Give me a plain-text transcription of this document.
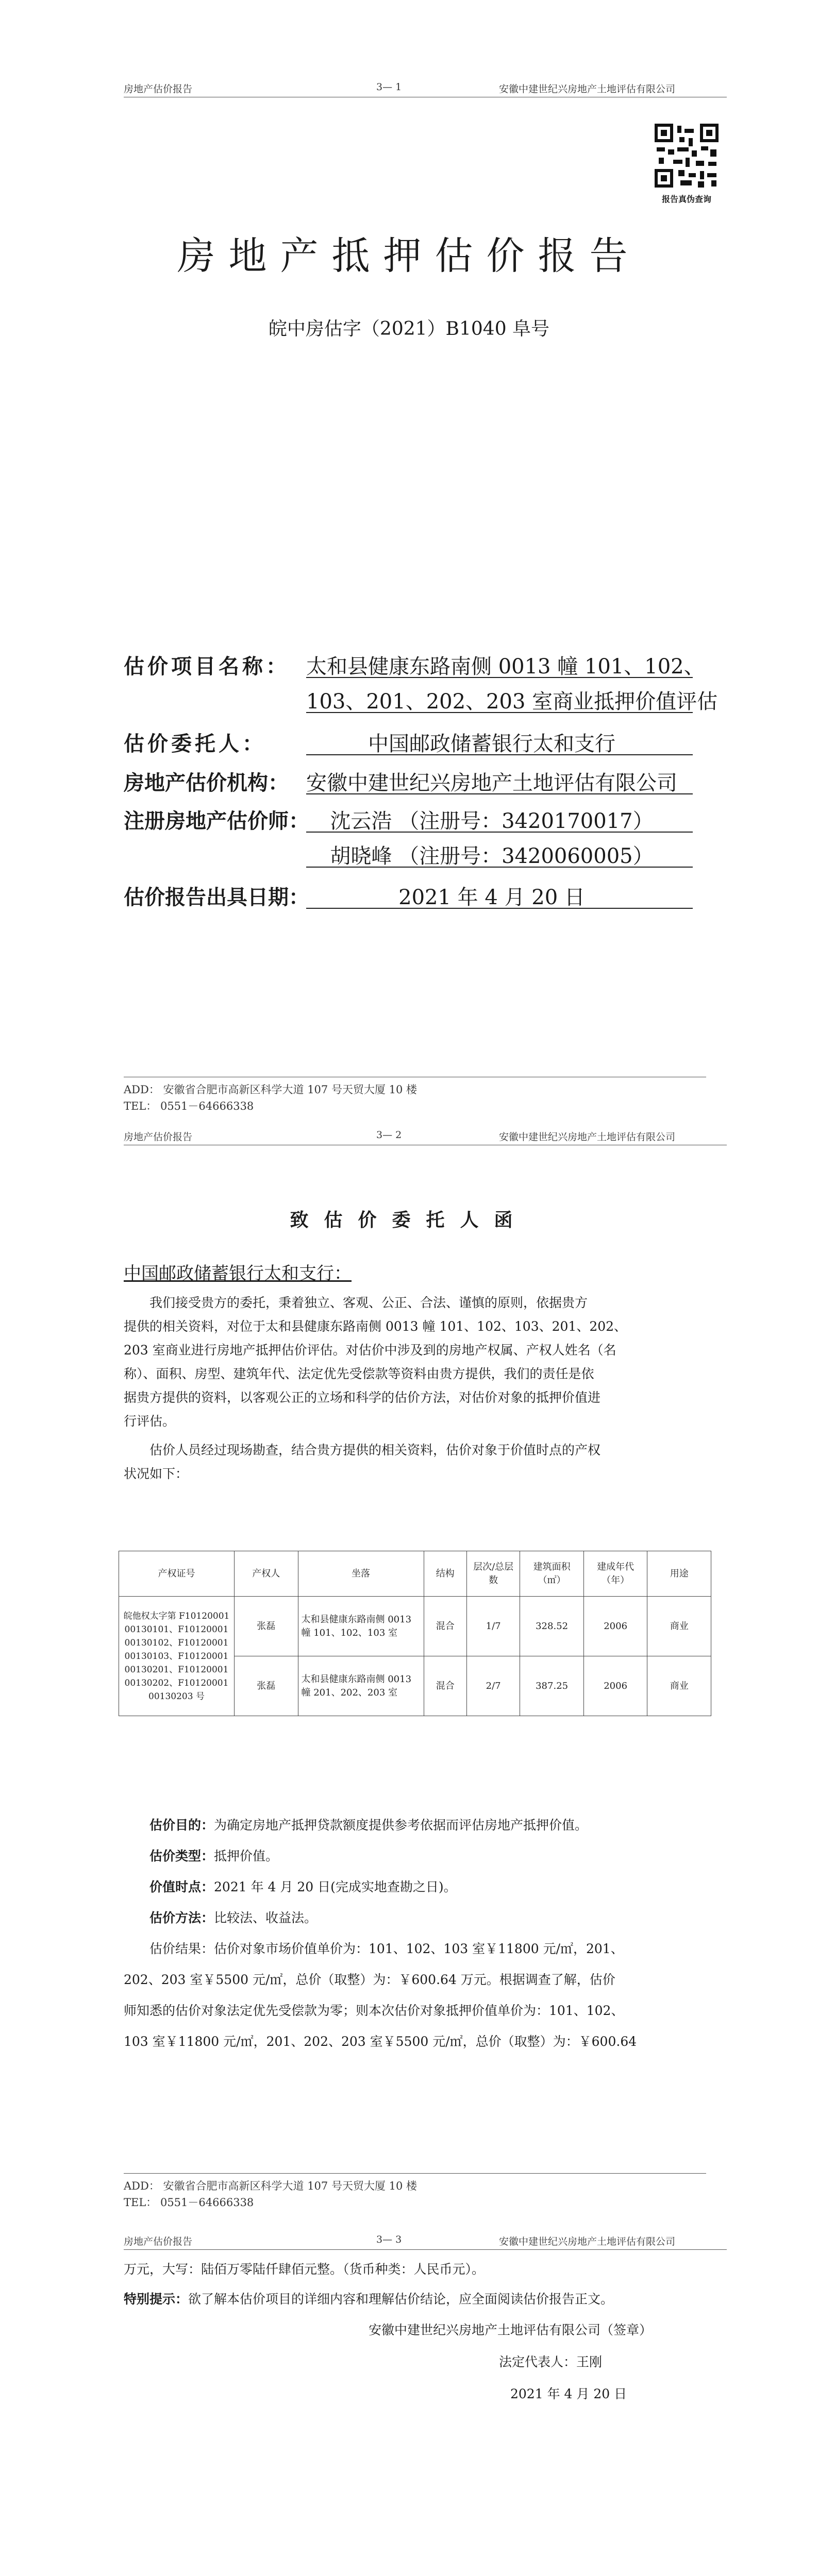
房地产估价报告	3— 1	安徽中建世纪兴房地产土地评估有限公司
报告真伪查询
房地产抵押估价报告
皖中房估字（2021）B1040 阜号
估价项目名称： 太和县健康东路南侧 0013 幢 101、102、
103、201、202、203 室商业抵押价值评估
估价委托人：	中国邮政储蓄银行太和支行
房地产估价机构： 安徽中建世纪兴房地产土地评估有限公司
注册房地产估价师：	沈云浩 （注册号：3420170017）
胡晓峰 （注册号：3420060005）
估价报告出具日期：	2021 年 4 月 20 日
ADD： 安徽省合肥市高新区科学大道 107 号天贸大厦 10 楼
TEL： 0551－64666338
房地产估价报告	3— 2	安徽中建世纪兴房地产土地评估有限公司
致估价委托人函
中国邮政储蓄银行太和支行：
我们接受贵方的委托，秉着独立、客观、公正、合法、谨慎的原则，依据贵方
提供的相关资料，对位于太和县健康东路南侧 0013 幢 101、102、103、201、202、
203 室商业进行房地产抵押估价评估。对估价中涉及到的房地产权属、产权人姓名（名
称）、面积、房型、建筑年代、法定优先受偿款等资料由贵方提供，我们的责任是依
据贵方提供的资料，以客观公正的立场和科学的估价方法，对估价对象的抵押价值进
行评估。
估价人员经过现场勘查，结合贵方提供的相关资料，估价对象于价值时点的产权
状况如下：
产权证号	产权人	坐落	结构	层次/总层数	建筑面积（㎡）	建成年代（年）	用途
皖他权太字第 F1012000100130101、F1012000100130102、F1012000100130103、F1012000100130201、F1012000100130202、F1012000100130203 号	张磊	太和县健康东路南侧 0013 幢 101、102、103 室	混合	1/7	328.52	2006	商业
	张磊	太和县健康东路南侧 0013 幢 201、202、203 室	混合	2/7	387.25	2006	商业
估价目的：为确定房地产抵押贷款额度提供参考依据而评估房地产抵押价值。
估价类型：抵押价值。
价值时点：2021 年 4 月 20 日(完成实地查勘之日)。
估价方法：比较法、收益法。
估价结果：估价对象市场价值单价为：101、102、103 室￥11800 元/㎡，201、
202、203 室￥5500 元/㎡，总价（取整）为：￥600.64 万元。根据调查了解，估价
师知悉的估价对象法定优先受偿款为零；则本次估价对象抵押价值单价为：101、102、
103 室￥11800 元/㎡，201、202、203 室￥5500 元/㎡，总价（取整）为：￥600.64
ADD： 安徽省合肥市高新区科学大道 107 号天贸大厦 10 楼
TEL： 0551－64666338
房地产估价报告	3— 3	安徽中建世纪兴房地产土地评估有限公司
万元，大写：陆佰万零陆仟肆佰元整。（货币种类：人民币元）。
特别提示：欲了解本估价项目的详细内容和理解估价结论，应全面阅读估价报告正文。
安徽中建世纪兴房地产土地评估有限公司（签章）
法定代表人：王刚
2021 年 4 月 20 日
